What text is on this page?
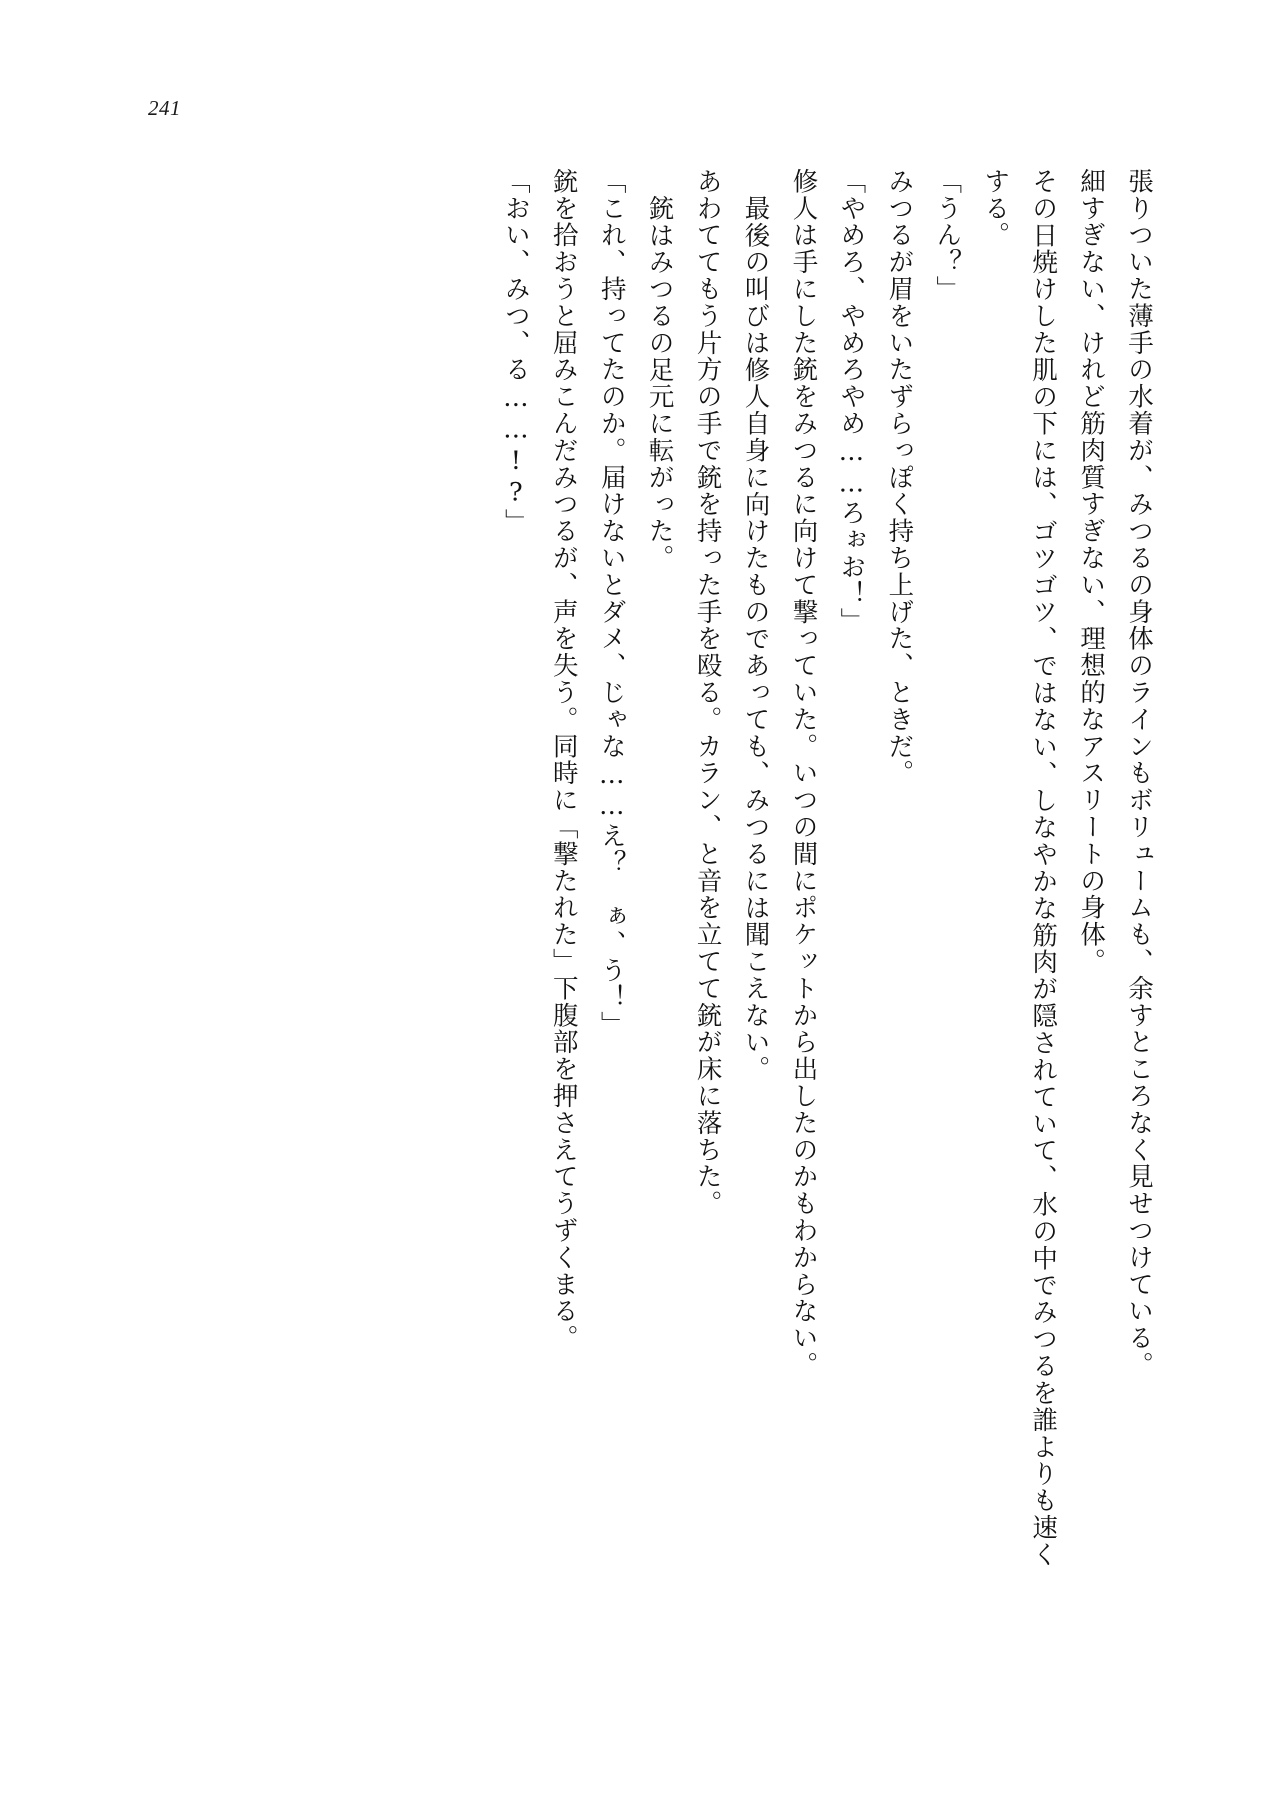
241

張りついた薄手の水着が、みつるの身体のラインもボリュームも、余すところなく見せつけている。

細すぎない、けれど筋肉質すぎない、理想的なアスリートの身体。

その日焼けした肌の下には、ゴツゴツ、ではない、しなやかな筋肉が隠されていて、水の中でみつるを誰よりも速くする。

「うん？」

みつるが眉をいたずらっぽく持ち上げた、ときだ。

「やめろ、やめろやめ……ろぉお！」

修人は手にした銃をみつるに向けて撃っていた。いつの間にポケットから出したのかもわからない。

最後の叫びは修人自身に向けたものであっても、みつるには聞こえない。

あわててもう片方の手で銃を持った手を殴る。カラン、と音を立てて銃が床に落ちた。

銃はみつるの足元に転がった。

「これ、持ってたのか。届けないとダメ、じゃな……え？　ぁ、う！」

銃を拾おうと屈みこんだみつるが、声を失う。同時に「撃たれた」下腹部を押さえてうずくまる。

「おい、みつ、る……!?」
